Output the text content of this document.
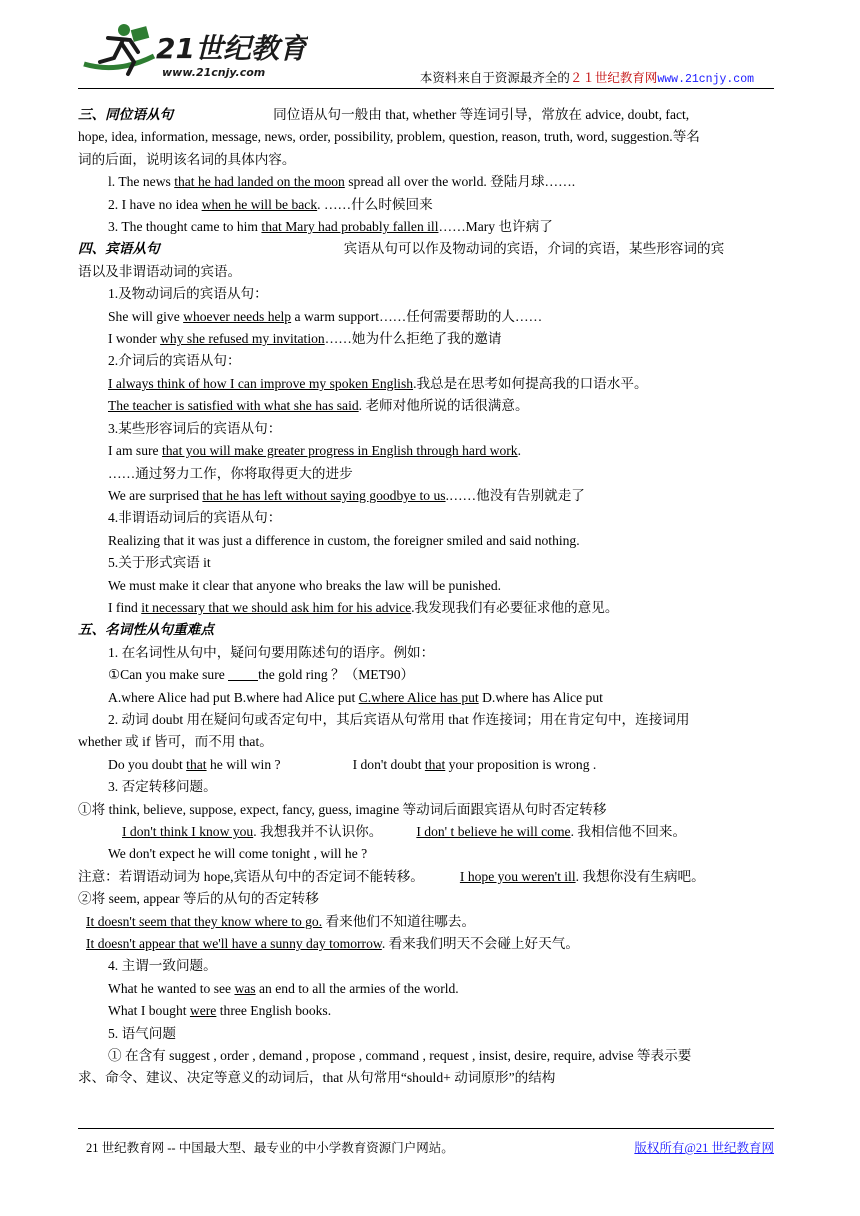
21世纪教育
www.21cnjy.com	本资料来自于资源最齐全的２１世纪教育网www.21cnjy.com
三、同位语从句	同位语从句一般由 that, whether 等连词引导，常放在 advice, doubt, fact,
hope, idea, information, message, news, order, possibility, problem, question, reason, truth, word, suggestion.等名
词的后面，说明该名词的具体内容。
l. The news that he had landed on the moon spread all over the world. 登陆月球…….
2. I have no idea when he will be back. ……什么时候回来
3. The thought came to him that Mary had probably fallen ill……Mary 也许病了
四、宾语从句	宾语从句可以作及物动词的宾语，介词的宾语，某些形容词的宾
语以及非谓语动词的宾语。
1.及物动词后的宾语从句：
She will give whoever needs help a warm support……任何需要帮助的人……
I wonder why she refused my invitation……她为什么拒绝了我的邀请
2.介词后的宾语从句：
I always think of how I can improve my spoken English.我总是在思考如何提高我的口语水平。
The teacher is satisfied with what she has said. 老师对他所说的话很满意。
3.某些形容词后的宾语从句：
I am sure that you will make greater progress in English through hard work.
……通过努力工作，你将取得更大的进步
We are surprised that he has left without saying goodbye to us.……他没有告别就走了
4.非谓语动词后的宾语从句：
Realizing that it was just a difference in custom, the foreigner smiled and said nothing.
5.关于形式宾语 it
We must make it clear that anyone who breaks the law will be punished.
I find it necessary that we should ask him for his advice.我发现我们有必要征求他的意见。
五、名词性从句重难点
1. 在名词性从句中，疑问句要用陈述句的语序。例如：
①Can you make sure the gold ring ？（MET90）
A.where Alice had put B.where had Alice put C.where Alice has put D.where has Alice put
2. 动词 doubt 用在疑问句或否定句中，其后宾语从句常用 that 作连接词；用在肯定句中，连接词用
whether 或 if 皆可，而不用 that。
Do you doubt that he will win ?	I don't doubt that your proposition is wrong .
3. 否定转移问题。
①将 think, believe, suppose, expect, fancy, guess, imagine 等动词后面跟宾语从句时否定转移
I don't think I know you. 我想我并不认识你。	I don' t believe he will come. 我相信他不回来。
We don't expect he will come tonight , will he ?
注意：若谓语动词为 hope,宾语从句中的否定词不能转移。	I hope you weren't ill. 我想你没有生病吧。
②将 seem, appear 等后的从句的否定转移
It doesn't seem that they know where to go. 看来他们不知道往哪去。
It doesn't appear that we'll have a sunny day tomorrow. 看来我们明天不会碰上好天气。
4. 主谓一致问题。
What he wanted to see was an end to all the armies of the world.
What I bought were three English books.
5. 语气问题
① 在含有 suggest , order , demand , propose , command , request , insist, desire, require, advise 等表示要
求、命令、建议、决定等意义的动词后，that 从句常用“should+ 动词原形”的结构
21 世纪教育网 -- 中国最大型、最专业的中小学教育资源门户网站。	版权所有@21 世纪教育网
